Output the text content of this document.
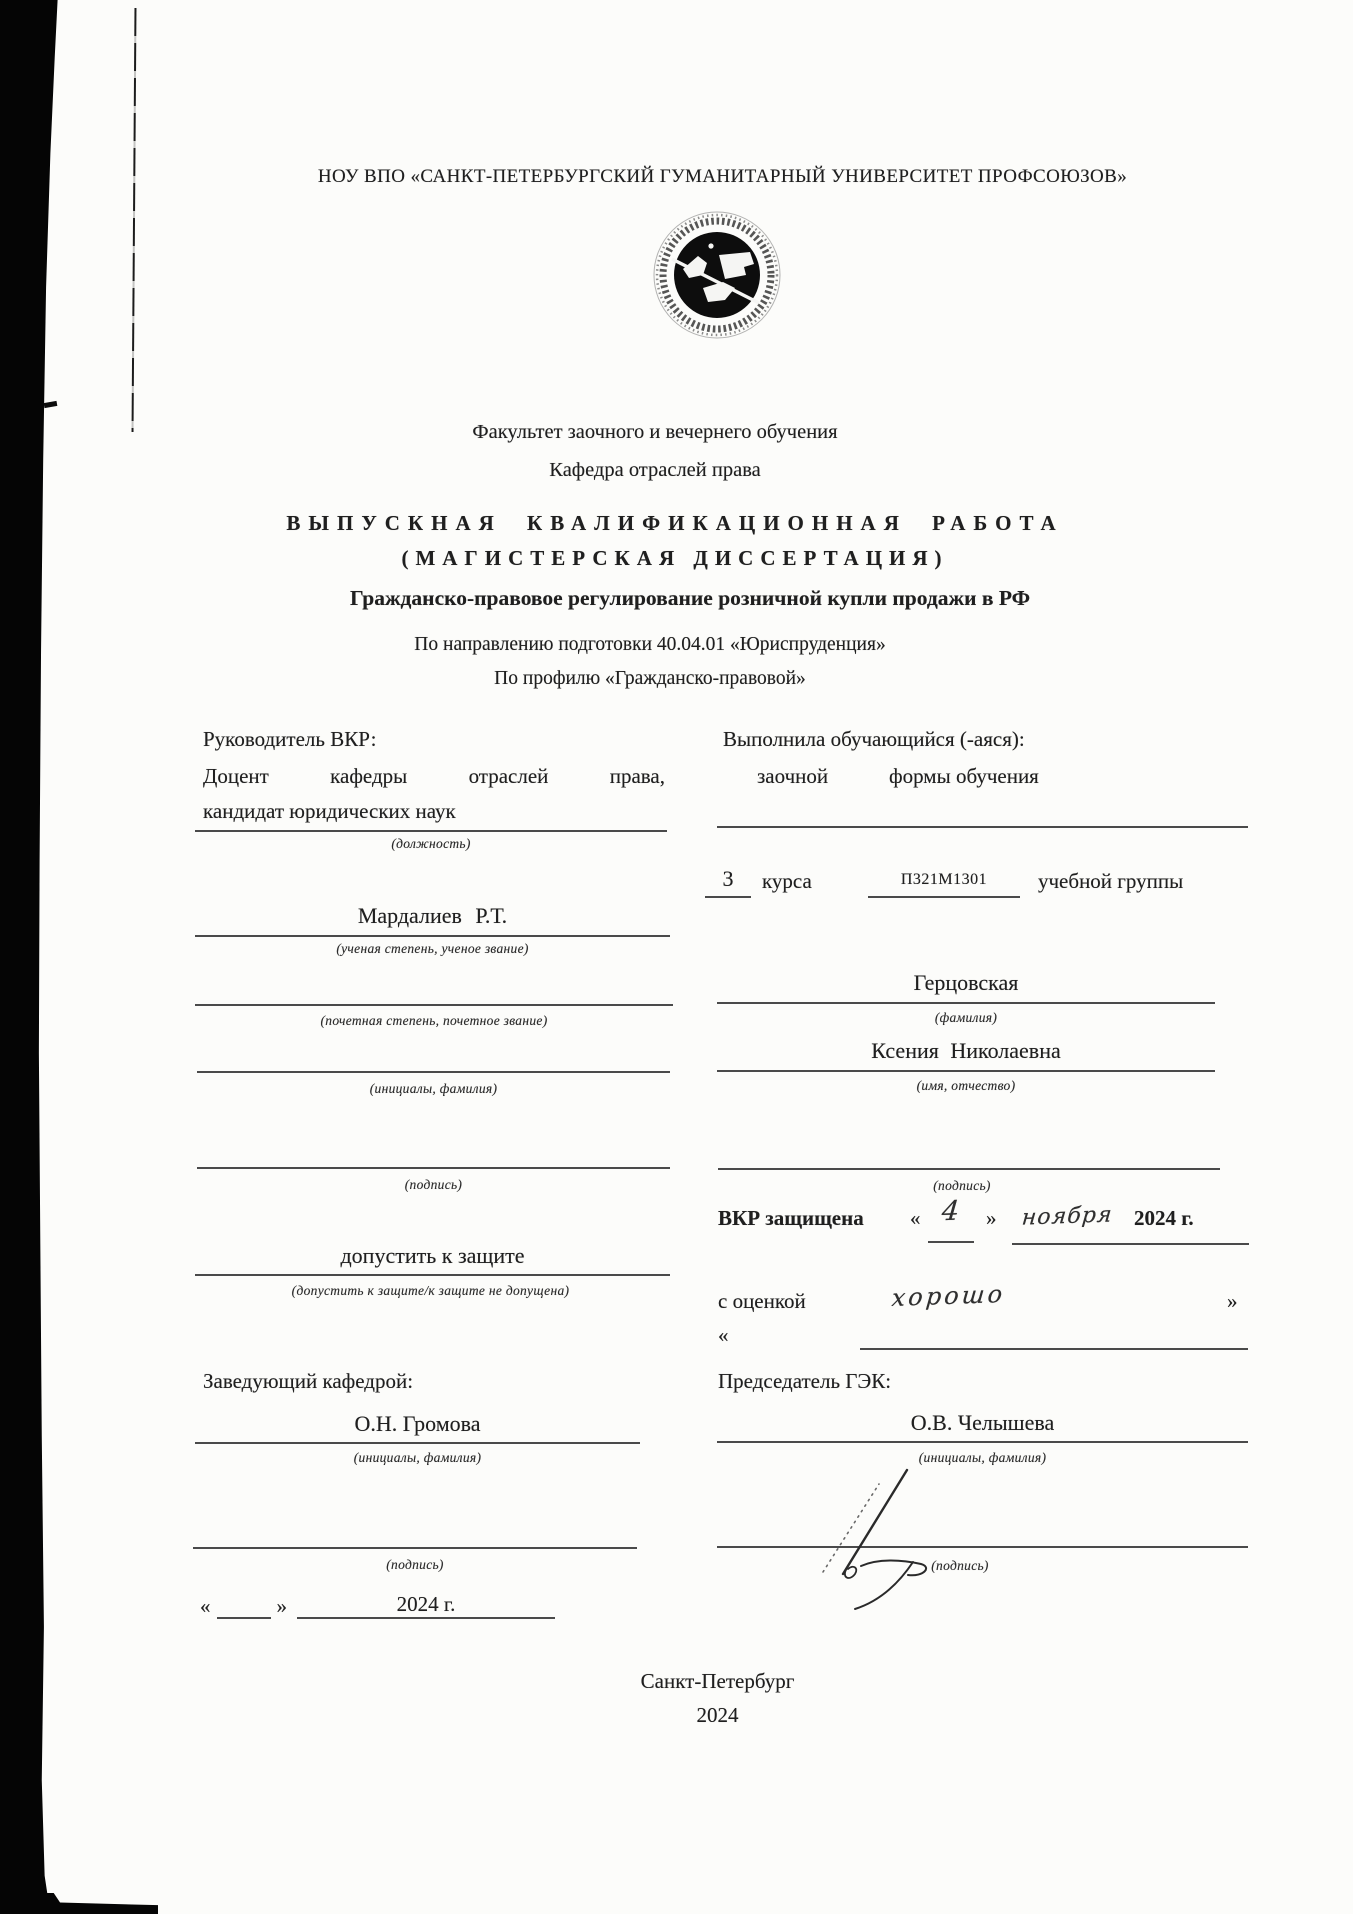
НОУ ВПО «САНКТ-ПЕТЕРБУРГСКИЙ ГУМАНИТАРНЫЙ УНИВЕРСИТЕТ ПРОФСОЮЗОВ»
Факультет заочного и вечернего обучения
Кафедра отраслей права
ВЫПУСКНАЯ КВАЛИФИКАЦИОННАЯ РАБОТА
(МАГИСТЕРСКАЯ ДИССЕРТАЦИЯ)
Гражданско-правовое регулирование розничной купли продажи в РФ
По направлению подготовки 40.04.01 «Юриспруденция»
По профилю «Гражданско-правовой»
Руководитель ВКР:
Доцент кафедры отраслей права,
кандидат юридических наук
(должность)
Мардалиев Р.Т.
(ученая степень, ученое звание)
(почетная степень, почетное звание)
(инициалы, фамилия)
(подпись)
допустить к защите
(допустить к защите/к защите не допущена)
Заведующий кафедрой:
О.Н. Громова
(инициалы, фамилия)
(подпись)
«
	»	2024 г.
Выполнила обучающийся (-аяся):
заочной	формы обучения
3	курса	П321М1301	учебной группы
Герцовская
(фамилия)
Ксения Николаевна
(имя, отчество)
(подпись)
ВКР защищена « 4	» ноября 2024 г.
с оценкой	хорошо	»
«
Председатель ГЭК:
О.В. Челышева
(инициалы, фамилия)
(подпись)
Санкт-Петербург
2024
